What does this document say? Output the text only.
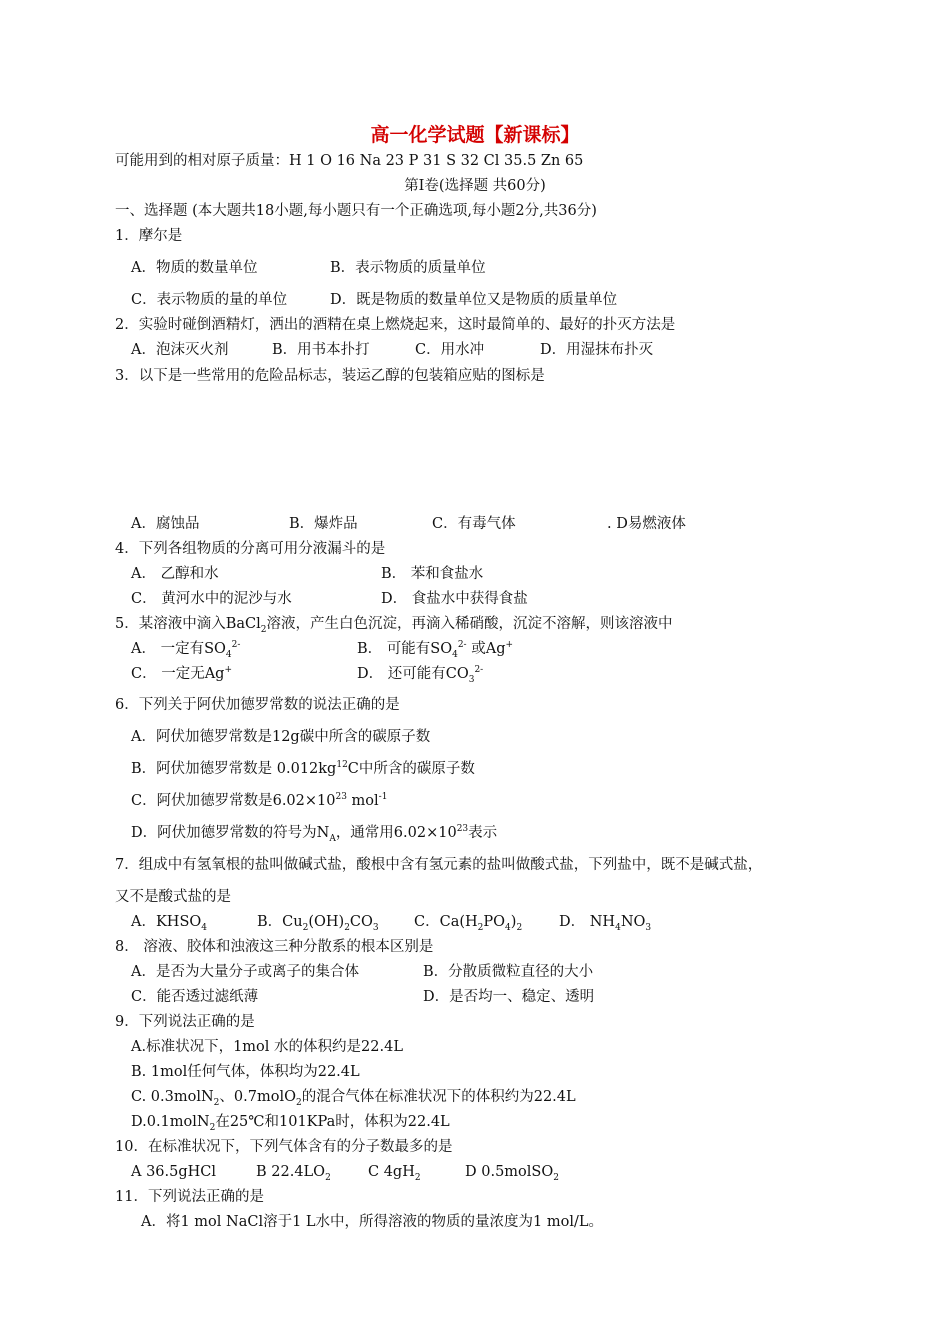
高一化学试题【新课标】
可能用到的相对原子质量：H 1 O 16 Na 23 P 31 S 32 Cl 35.5 Zn 65
第Ⅰ卷(选择题 共60分)
一、选择题 (本大题共18小题,每小题只有一个正确选项,每小题2分,共36分)
1．摩尔是
A．物质的数量单位	B．表示物质的质量单位
C．表示物质的量的单位	D．既是物质的数量单位又是物质的质量单位
2．实验时碰倒酒精灯，洒出的酒精在桌上燃烧起来，这时最简单的、最好的扑灭方法是
A．泡沫灭火剂	B．用书本扑打	C．用水冲	D．用湿抹布扑灭
3．以下是一些常用的危险品标志，装运乙醇的包装箱应贴的图标是
A．腐蚀品	B．爆炸品	C．有毒气体	. D易燃液体
4．下列各组物质的分离可用分液漏斗的是
A． 乙醇和水	B． 苯和食盐水
C． 黄河水中的泥沙与水	D． 食盐水中获得食盐
5．某溶液中滴入BaCl$_2$溶液，产生白色沉淀，再滴入稀硝酸，沉淀不溶解，则该溶液中
A． 一定有$SO_4^{2-}$	B． 可能有$SO_4^{2-}$ 或Ag+
C． 一定无Ag+	D． 还可能有$CO_3^{2-}$
6．下列关于阿伏加德罗常数的说法正确的是
A．阿伏加德罗常数是12g碳中所含的碳原子数
B．阿伏加德罗常数是 $0.012kg^{12}C$中所含的碳原子数
C．阿伏加德罗常数是$6.02\times 10^{23}$ mol$^{-1}$
D．阿伏加德罗常数的符号为$N_A$，通常用$6.02\times 10^{23}$表示
7．组成中有氢氧根的盐叫做碱式盐，酸根中含有氢元素的盐叫做酸式盐，下列盐中，既不是碱式盐，
又不是酸式盐的是
A．$KHSO_4$	B．$Cu_2(OH)_2CO_3$ C．$Ca(H_2PO_4)_2$	D． $NH_4NO_3$
8． 溶液、胶体和浊液这三种分散系的根本区别是
A．是否为大量分子或离子的集合体	B．分散质微粒直径的大小
C．能否透过滤纸薄	D．是否均一、稳定、透明
9．下列说法正确的是
A.标准状况下，1mol 水的体积约是22.4L
B. 1mol任何气体，体积均为22.4L
C. 0.3molN$_2$、0.7molO$_2$的混合气体在标准状况下的体积约为22.4L
D.0.1molN$_2$在25℃和101KPa时，体积为22.4L
10．在标准状况下，下列气体含有的分子数最多的是
A 36.5gHCl	B $22.4LO_2$	C $4gH_2$	D 0.5molSO$_2$
11．下列说法正确的是
A．将1 mol NaCl溶于1 L水中，所得溶液的物质的量浓度为1 mol/L。
